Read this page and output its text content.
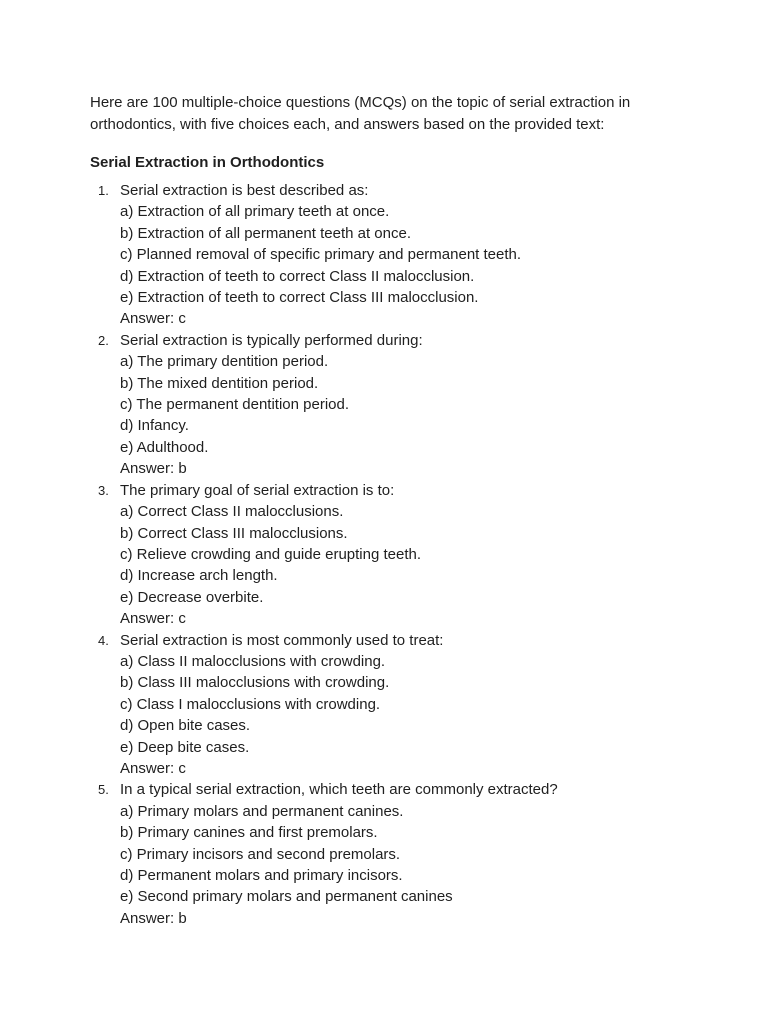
Here are 100 multiple-choice questions (MCQs) on the topic of serial extraction in orthodontics, with five choices each, and answers based on the provided text:

Serial Extraction in Orthodontics
1. Serial extraction is best described as:
a) Extraction of all primary teeth at once.
b) Extraction of all permanent teeth at once.
c) Planned removal of specific primary and permanent teeth.
d) Extraction of teeth to correct Class II malocclusion.
e) Extraction of teeth to correct Class III malocclusion.
Answer: c
2. Serial extraction is typically performed during:
a) The primary dentition period.
b) The mixed dentition period.
c) The permanent dentition period.
d) Infancy.
e) Adulthood.
Answer: b
3. The primary goal of serial extraction is to:
a) Correct Class II malocclusions.
b) Correct Class III malocclusions.
c) Relieve crowding and guide erupting teeth.
d) Increase arch length.
e) Decrease overbite.
Answer: c
4. Serial extraction is most commonly used to treat:
a) Class II malocclusions with crowding.
b) Class III malocclusions with crowding.
c) Class I malocclusions with crowding.
d) Open bite cases.
e) Deep bite cases.
Answer: c
5. In a typical serial extraction, which teeth are commonly extracted?
a) Primary molars and permanent canines.
b) Primary canines and first premolars.
c) Primary incisors and second premolars.
d) Permanent molars and primary incisors.
e) Second primary molars and permanent canines
Answer: b
